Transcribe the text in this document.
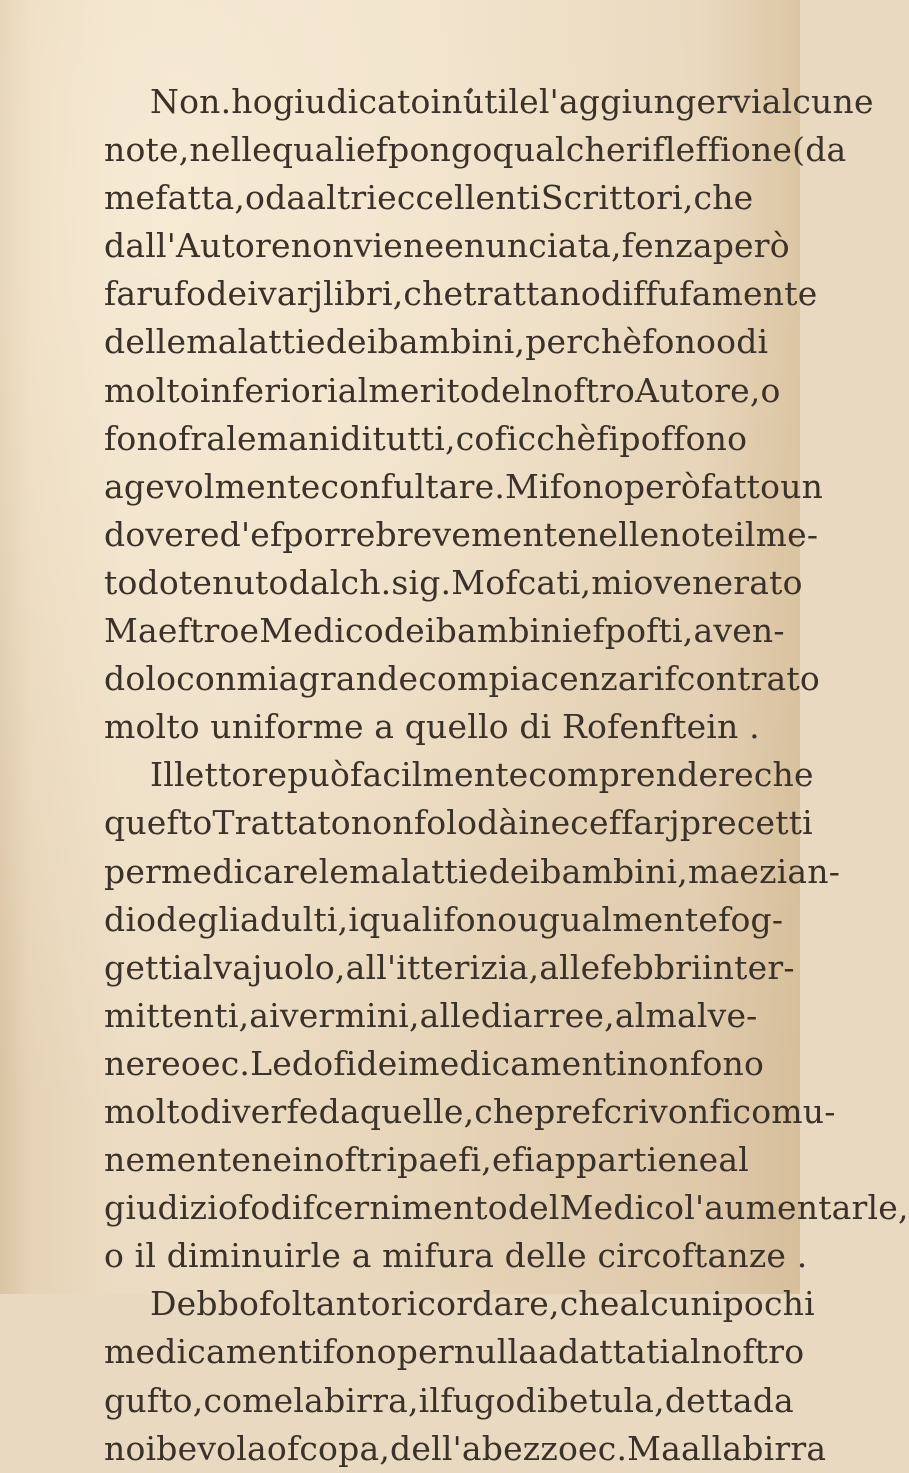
Non. ho giudicato inutile l' aggiungervi alcune
note , nelle quali efpongo qualche rifleffione (da
me fatta , o da altri eccellenti Scrittori , che
dall' Autore non viene enunciata , fenza però
far ufo dei varj libri , che trattano diffufamente
delle malattie dei bambini , perchè fono o di
molto inferiori al merito del noftro Autore , o
fono fra le mani di tutti , coficchè fi poffono
agevolmente confultare . Mi fono però fatto un
dovere d' efporre brevemente nelle note il me-
todo tenuto dal ch. sig. Mofcati , mio venerato
Maeftro e Medico dei bambini efpofti , aven-
dolo con mia grande compiacenza rifcontrato
molto uniforme a quello di Rofenftein .
Il lettore può facilmente comprendere che
quefto Trattato non folo dà i neceffarj precetti
per medicare le malattie dei bambini , ma ezian-
dio degli adulti , i quali fono ugualmente fog-
getti al vajuolo , all' itterizia , alle febbri inter-
mittenti , ai vermini , alle diarree , al mal ve-
nereo ec. Le dofi dei medicamenti non fono
molto diverfe da quelle , che prefcrivonfi comu-
nemente nei noftri paefi , e fi appartiene al
giudiziofo difcernimento del Medico l' aumentarle ,
o il diminuirle a mifura delle circoftanze .
Debbo foltanto ricordare , che alcuni pochi
medicamenti fono per nulla adattati al noftro
gufto , come la birra , il fugo di betula , detta da
noi bevola o fcopa , dell' abezzo ec. Ma alla birra
